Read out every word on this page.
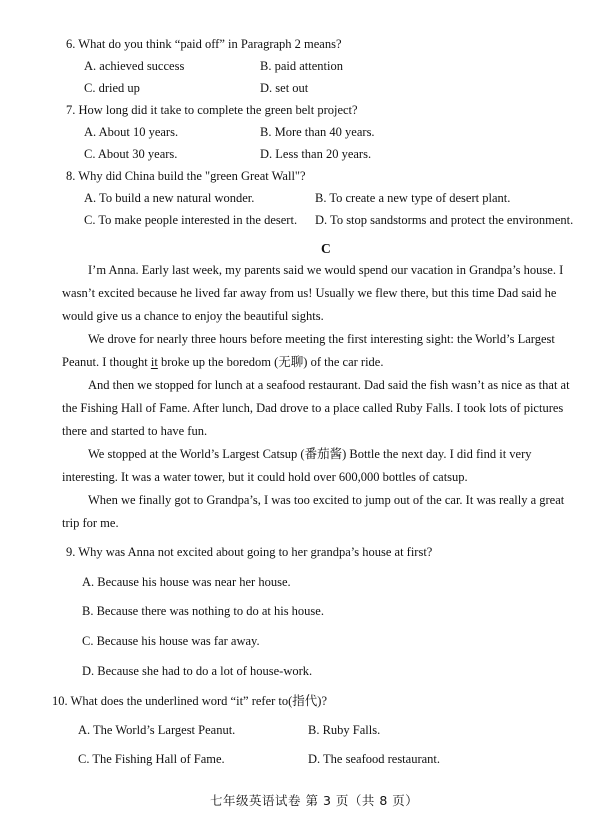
6. What do you think “paid off” in Paragraph 2 means?
A. achieved success	B. paid attention
C. dried up	D. set out
7. How long did it take to complete the green belt project?
A. About 10 years.	B. More than 40 years.
C. About 30 years.	D. Less than 20 years.
8. Why did China build the "green Great Wall"?
A. To build a new natural wonder.	B. To create a new type of desert plant.
C. To make people interested in the desert. D. To stop sandstorms and protect the environment.
C
I’m Anna. Early last week, my parents said we would spend our vacation in Grandpa’s house. I
wasn’t excited because he lived far away from us! Usually we flew there, but this time Dad said he
would give us a chance to enjoy the beautiful sights.
We drove for nearly three hours before meeting the first interesting sight: the World’s Largest
Peanut. I thought it broke up the boredom (无聊) of the car ride.
And then we stopped for lunch at a seafood restaurant. Dad said the fish wasn’t as nice as that at
the Fishing Hall of Fame. After lunch, Dad drove to a place called Ruby Falls. I took lots of pictures
there and started to have fun.
We stopped at the World’s Largest Catsup (番茄酱) Bottle the next day. I did find it very
interesting. It was a water tower, but it could hold over 600,000 bottles of catsup.
When we finally got to Grandpa’s, I was too excited to jump out of the car. It was really a great
trip for me.
9. Why was Anna not excited about going to her grandpa’s house at first?
A. Because his house was near her house.
B. Because there was nothing to do at his house.
C. Because his house was far away.
D. Because she had to do a lot of house-work.
10. What does the underlined word “it” refer to(指代)?
A. The World’s Largest Peanut.	B. Ruby Falls.
C. The Fishing Hall of Fame.	D. The seafood restaurant.
七年级英语试卷 第 3 页（共 8 页）
